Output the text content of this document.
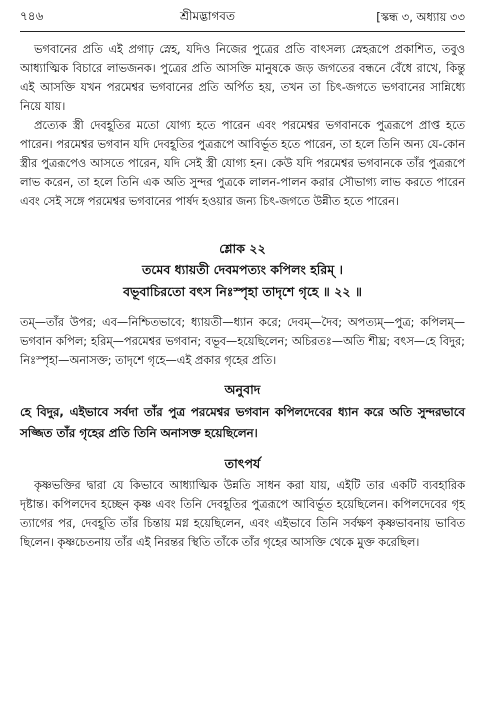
৭৪৬	শ্রীমদ্ভাগবত	[স্কন্ধ ৩, অধ্যায় ৩৩

ভগবানের প্রতি এই প্রগাঢ় স্নেহ, যদিও নিজের পুত্রের প্রতি বাৎসল্য স্নেহরূপে প্রকাশিত, তবুও আধ্যাত্মিক বিচারে লাভজনক। পুত্রের প্রতি আসক্তি মানুষকে জড় জগতের বন্ধনে বেঁধে রাখে, কিন্তু এই আসক্তি যখন পরমেশ্বর ভগবানের প্রতি অর্পিত হয়, তখন তা চিৎ-জগতে ভগবানের সান্নিধ্যে নিয়ে যায়।

প্রত্যেক স্ত্রী দেবহূতির মতো যোগ্য হতে পারেন এবং পরমেশ্বর ভগবানকে পুত্ররূপে প্রাপ্ত হতে পারেন। পরমেশ্বর ভগবান যদি দেবহূতির পুত্ররূপে আবির্ভূত হতে পারেন, তা হলে তিনি অন্য যে-কোন স্ত্রীর পুত্ররূপেও আসতে পারেন, যদি সেই স্ত্রী যোগ্য হন। কেউ যদি পরমেশ্বর ভগবানকে তাঁর পুত্ররূপে লাভ করেন, তা হলে তিনি এক অতি সুন্দর পুত্রকে লালন-পালন করার সৌভাগ্য লাভ করতে পারেন এবং সেই সঙ্গে পরমেশ্বর ভগবানের পার্ষদ হওয়ার জন্য চিৎ-জগতে উন্নীত হতে পারেন।

শ্লোক ২২
তমেব ধ্যায়তী দেবমপত্যং কপিলং হরিম্ ।
বভূবাচিরতো বৎস নিঃস্পৃহা তাদৃশে গৃহে ॥ ২২ ॥

তম্—তাঁর উপর; এব—নিশ্চিতভাবে; ধ্যায়তী—ধ্যান করে; দেবম্—দৈব; অপত্যম্—পুত্র; কপিলম্—ভগবান কপিল; হরিম্—পরমেশ্বর ভগবান; বভূব—হয়েছিলেন; অচিরতঃ—অতি শীঘ্র; বৎস—হে বিদুর; নিঃস্পৃহা—অনাসক্ত; তাদৃশে গৃহে—এই প্রকার গৃহের প্রতি।

অনুবাদ

হে বিদুর, এইভাবে সর্বদা তাঁর পুত্র পরমেশ্বর ভগবান কপিলদেবের ধ্যান করে অতি সুন্দরভাবে সজ্জিত তাঁর গৃহের প্রতি তিনি অনাসক্ত হয়েছিলেন।

তাৎপর্য

কৃষ্ণভক্তির দ্বারা যে কিভাবে আধ্যাত্মিক উন্নতি সাধন করা যায়, এইটি তার একটি ব্যবহারিক দৃষ্টান্ত। কপিলদেব হচ্ছেন কৃষ্ণ এবং তিনি দেবহূতির পুত্ররূপে আবির্ভূত হয়েছিলেন। কপিলদেবের গৃহ ত্যাগের পর, দেবহূতি তাঁর চিন্তায় মগ্ন হয়েছিলেন, এবং এইভাবে তিনি সর্বক্ষণ কৃষ্ণভাবনায় ভাবিত ছিলেন। কৃষ্ণচেতনায় তাঁর এই নিরন্তর স্থিতি তাঁকে তাঁর গৃহের আসক্তি থেকে মুক্ত করেছিল।
